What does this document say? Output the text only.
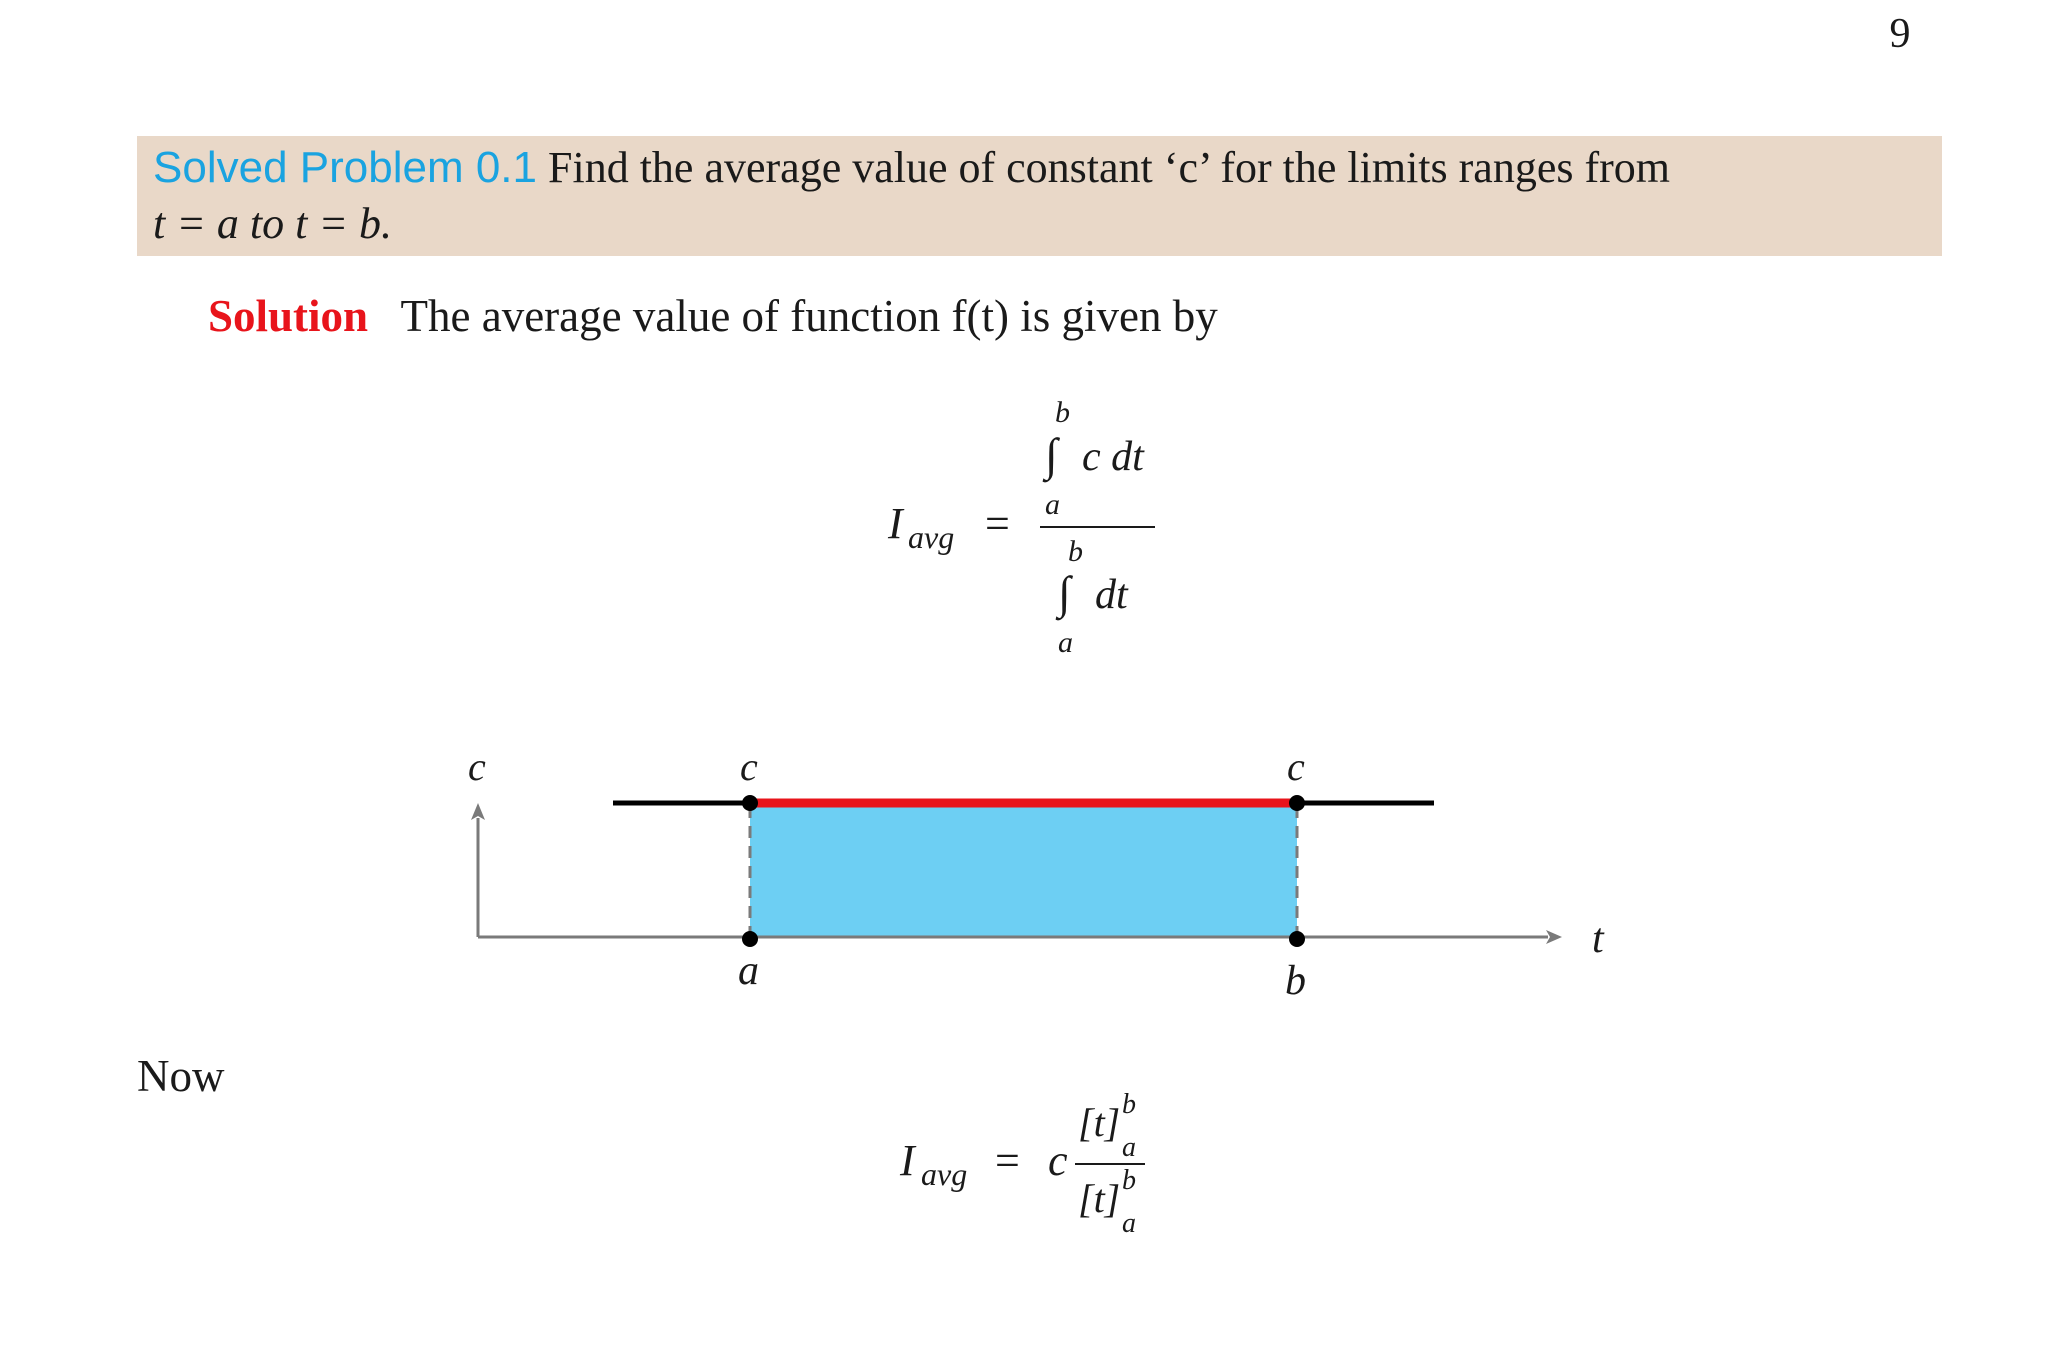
9
Solved Problem 0.1 Find the average value of constant ‘c’ for the limits ranges from
t = a to t = b.
Solution The average value of function f(t) is given by
Now
I avg =
b
∫ c dt
a
b
∫ dt
a
c	c	c
t
a	b
I avg = c
[t] b
a
[t] b
a
